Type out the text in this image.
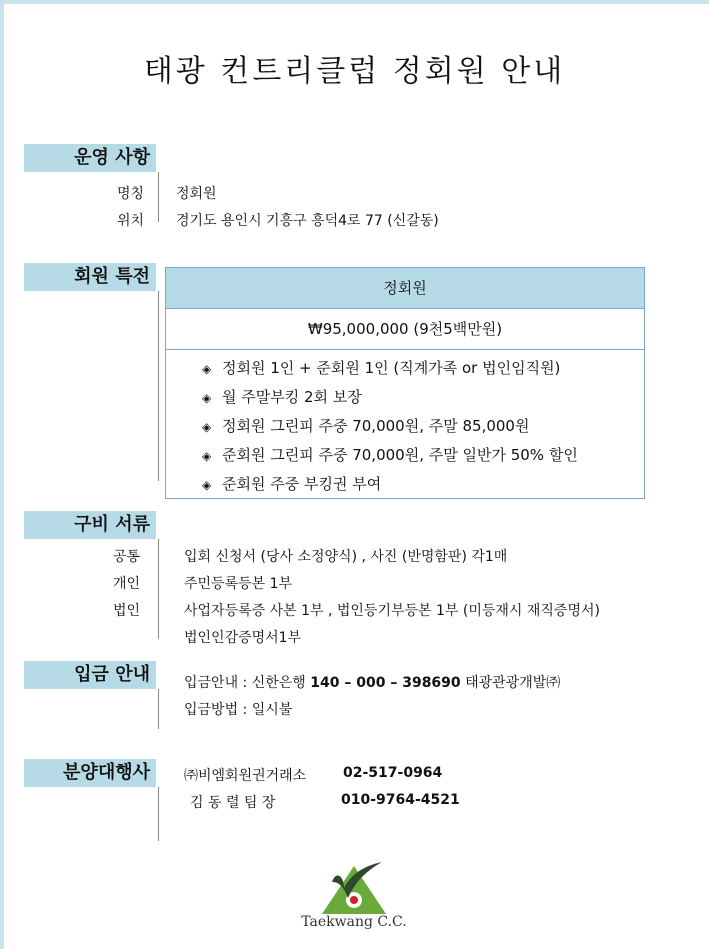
태광 컨트리클럽 정회원 안내
운영 사항
명칭 정회원
위치 경기도 용인시 기흥구 흥덕4로 77 (신갈동)
회원 특전
정회원
₩95,000,000 (9천5백만원)
◈ 정회원 1인 + 준회원 1인 (직계가족 or 법인임직원)
◈ 월 주말부킹 2회 보장
◈ 정회원 그린피 주중 70,000원, 주말 85,000원
◈ 준회원 그린피 주중 70,000원, 주말 일반가 50% 할인
◈ 준회원 주중 부킹권 부여
구비 서류
공통	입회 신청서 (당사 소정양식) , 사진 (반명함판) 각1매
개인	주민등록등본 1부
법인	사업자등록증 사본 1부 , 법인등기부등본 1부 (미등재시 재직증명서)
법인인감증명서1부
입금 안내	입금안내 : 신한은행 140 – 000 – 398690 태광관광개발㈜
입금방법 : 일시불
분양대행사	㈜비엠회원권거래소	02-517-0964
김 동 렬 팀 장	010-9764-4521
Taekwang C.C.
